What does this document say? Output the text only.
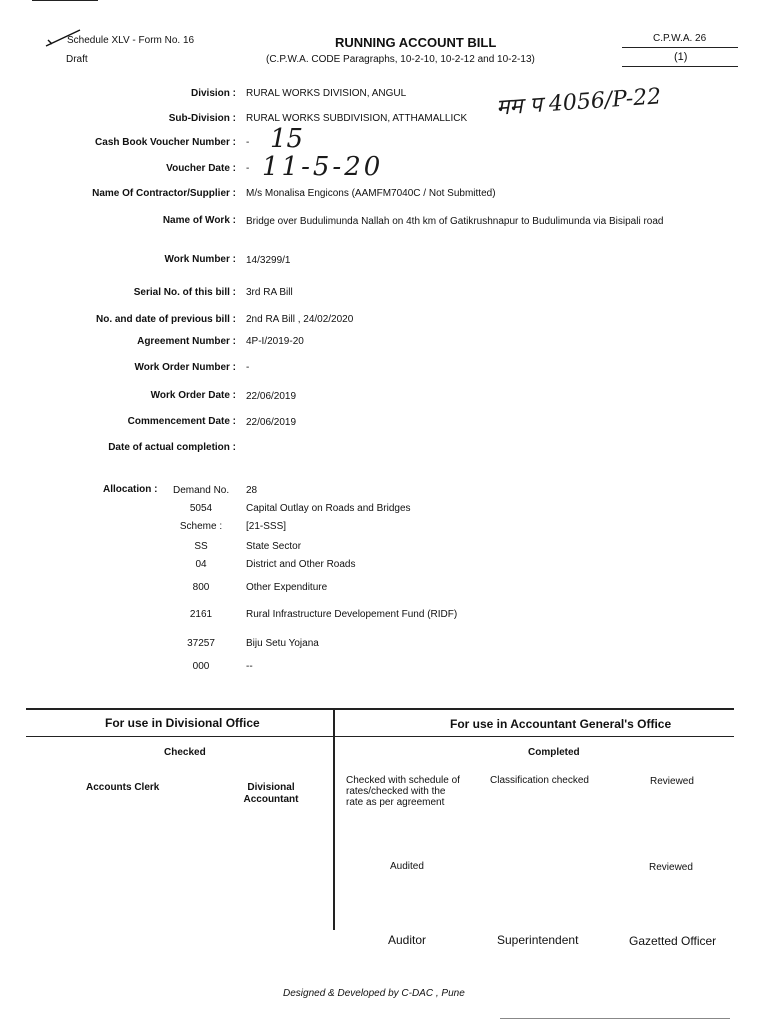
Schedule XLV - Form No. 16
Draft
RUNNING ACCOUNT BILL
(C.P.W.A. CODE Paragraphs, 10-2-10, 10-2-12 and 10-2-13)
C.P.W.A. 26
(1)
मम प 4056/P-22
Division : RURAL WORKS DIVISION, ANGUL
Sub-Division : RURAL WORKS SUBDIVISION, ATTHAMALLICK
Cash Book Voucher Number : - 15
Voucher Date : - 11-5-20
Name Of Contractor/Supplier : M/s Monalisa Engicons (AAMFM7040C / Not Submitted)
Name of Work : Bridge over Budulimunda Nallah on 4th km of Gatikrushnapur to Budulimunda via Bisipali road
Work Number : 14/3299/1
Serial No. of this bill : 3rd RA Bill
No. and date of previous bill : 2nd RA Bill , 24/02/2020
Agreement Number : 4P-I/2019-20
Work Order Number : -
Work Order Date : 22/06/2019
Commencement Date : 22/06/2019
Date of actual completion :
Allocation : Demand No. 28
5054	Capital Outlay on Roads and Bridges
Scheme :	[21-SSS]
SS	State Sector
04	District and Other Roads
800	Other Expenditure
2161	Rural Infrastructure Developement Fund (RIDF)
37257	Biju Setu Yojana
000	--
For use in Divisional Office	For use in Accountant General's Office
Checked	Completed
Accounts Clerk	Divisional
Accountant
Checked with schedule of
rates/checked with the
rate as per agreement
Classification checked	Reviewed
Audited	Reviewed
Auditor	Superintendent	Gazetted Officer
Designed & Developed by C-DAC , Pune
